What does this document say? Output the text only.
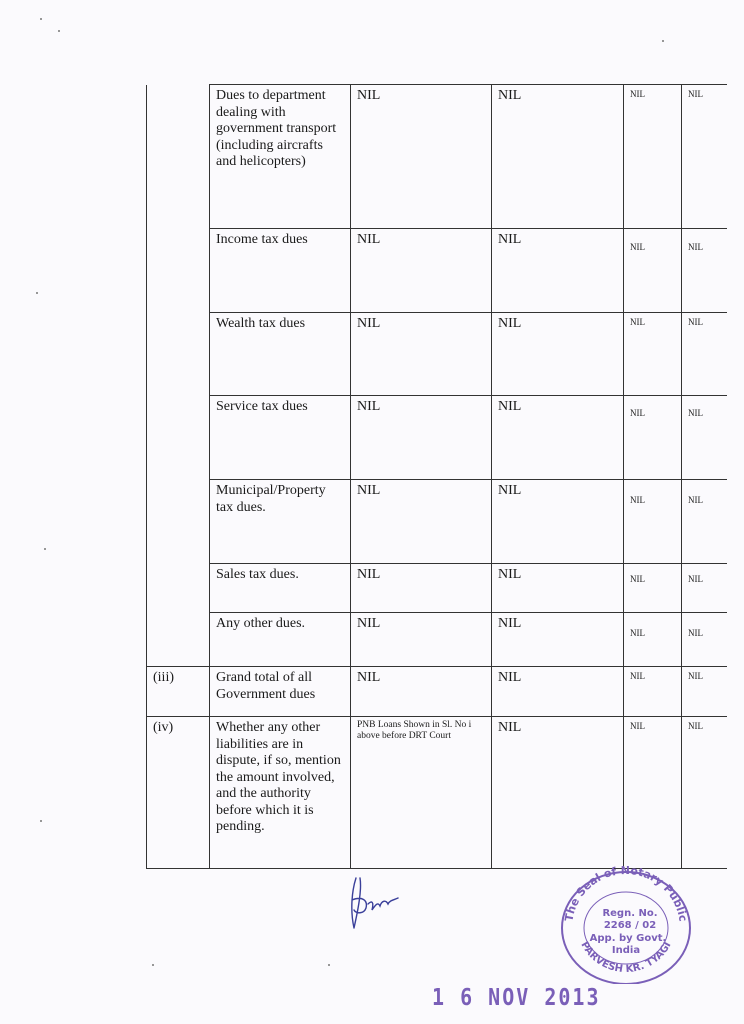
	Dues to department dealing with government transport (including aircrafts and helicopters)	NIL	NIL	NIL	NIL
	Income tax dues	NIL	NIL	NIL	NIL
	Wealth tax dues	NIL	NIL	NIL	NIL
	Service tax dues	NIL	NIL	NIL	NIL
	Municipal/Property tax dues.	NIL	NIL	NIL	NIL
	Sales tax dues.	NIL	NIL	NIL	NIL
	Any other dues.	NIL	NIL	NIL	NIL
(iii)	Grand total of all Government dues	NIL	NIL	NIL	NIL
(iv)	Whether any other liabilities are in dispute, if so, mention the amount involved, and the authority before which it is pending.	PNB Loans Shown in Sl. No i above before DRT Court	NIL	NIL	NIL
The Seal of Notary Public
PARVESH KR. TYAGI
Regn. No.
2268 / 02
App. by Govt.
India
1 6 NOV 2013
